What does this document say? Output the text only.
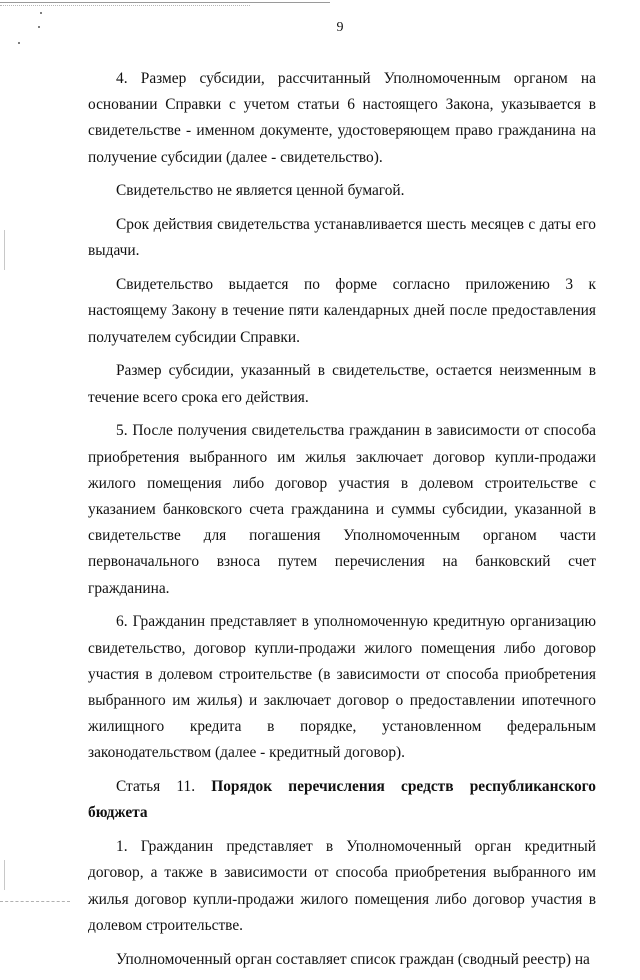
9

4. Размер субсидии, рассчитанный Уполномоченным органом на основании Справки с учетом статьи 6 настоящего Закона, указывается в свидетельстве - именном документе, удостоверяющем право гражданина на получение субсидии (далее - свидетельство).

Свидетельство не является ценной бумагой.

Срок действия свидетельства устанавливается шесть месяцев с даты его выдачи.

Свидетельство выдается по форме согласно приложению 3 к настоящему Закону в течение пяти календарных дней после предоставления получателем субсидии Справки.

Размер субсидии, указанный в свидетельстве, остается неизменным в течение всего срока его действия.

5. После получения свидетельства гражданин в зависимости от способа приобретения выбранного им жилья заключает договор купли-продажи жилого помещения либо договор участия в долевом строительстве с указанием банковского счета гражданина и суммы субсидии, указанной в свидетельстве для погашения Уполномоченным органом части первоначального взноса путем перечисления на банковский счет гражданина.

6. Гражданин представляет в уполномоченную кредитную организацию свидетельство, договор купли-продажи жилого помещения либо договор участия в долевом строительстве (в зависимости от способа приобретения выбранного им жилья) и заключает договор о предоставлении ипотечного жилищного кредита в порядке, установленном федеральным законодательством (далее - кредитный договор).

Статья 11. Порядок перечисления средств республиканского бюджета

1. Гражданин представляет в Уполномоченный орган кредитный договор, а также в зависимости от способа приобретения выбранного им жилья договор купли-продажи жилого помещения либо договор участия в долевом строительстве.

Уполномоченный орган составляет список граждан (сводный реестр) на
